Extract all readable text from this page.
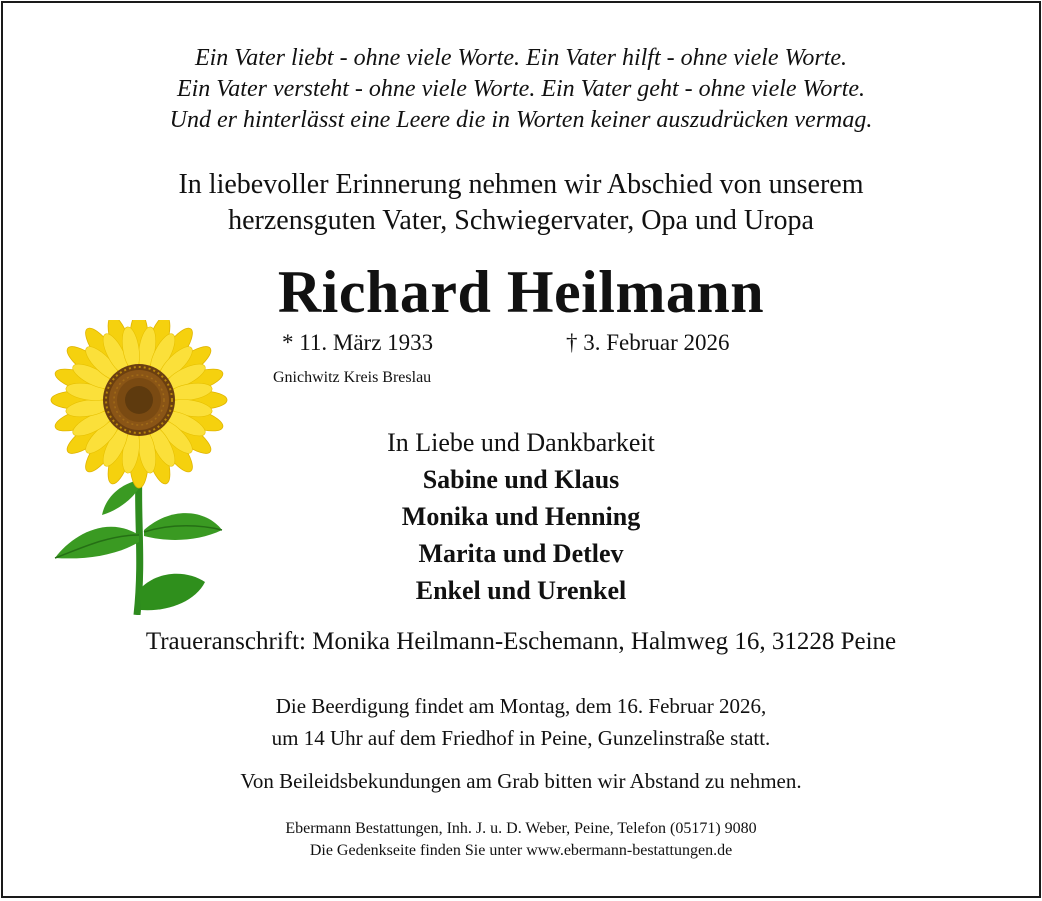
Ein Vater liebt - ohne viele Worte. Ein Vater hilft - ohne viele Worte.
Ein Vater versteht - ohne viele Worte. Ein Vater geht - ohne viele Worte.
Und er hinterlässt eine Leere die in Worten keiner auszudrücken vermag.
In liebevoller Erinnerung nehmen wir Abschied von unserem
herzensguten Vater, Schwiegervater, Opa und Uropa
Richard Heilmann
* 11. März 1933	† 3. Februar 2026
Gnichwitz Kreis Breslau
In Liebe und Dankbarkeit
Sabine und Klaus
Monika und Henning
Marita und Detlev
Enkel und Urenkel
Traueranschrift: Monika Heilmann-Eschemann, Halmweg 16, 31228 Peine
Die Beerdigung findet am Montag, dem 16. Februar 2026,
um 14 Uhr auf dem Friedhof in Peine, Gunzelinstraße statt.
Von Beileidsbekundungen am Grab bitten wir Abstand zu nehmen.
Ebermann Bestattungen, Inh. J. u. D. Weber, Peine, Telefon (05171) 9080
Die Gedenkseite finden Sie unter www.ebermann-bestattungen.de
